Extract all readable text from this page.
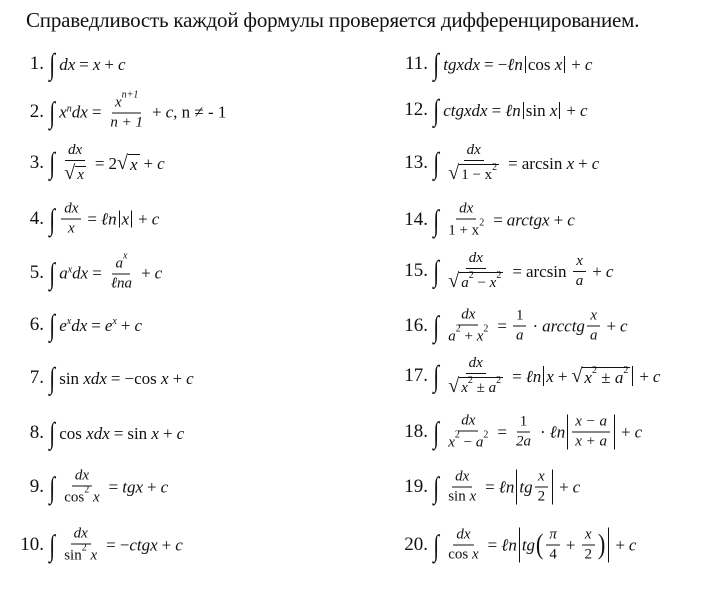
Справедливость каждой формулы проверяется дифференцированием.
1.
2.
3.
4.
5.
6.
7.
8.
9.
10.
11.
12.
13.
14.
15.
16.
17.
18.
19.
20.
∫ dx = x + c
∫ x $^n$ dx = $\frac{x^{n+1}}{n + 1} + c$ , n ≠ - 1
∫ $\frac{dx}{√ x} = 2$ √ x + c
∫ $\frac{dx}{x}$ = ℓn x + c
∫ a $^x$ dx = $\frac{a^x}{\text{ℓna}} + c$
∫ e $^x$ dx = e $^x$ + c
∫ sin
x dx = − cos
x + c
∫ cos
x dx = sin
x + c
∫ $\frac{dx}{\cos^2 x}$ = tg x + c
∫ $\frac{dx}{\sin^2 x}$ = − ctg x + c
∫ tg x dx = − ℓn cos
x + c
∫ ctg x dx = ℓn sin
x + c
∫ $\frac{dx}{√ 1 - x^2} = \arcsin$
x + c
∫ $\frac{dx}{1 + x^2}$ = arctg x + c
∫ $\frac{dx}{√ a^2 - x^2} = \arcsin$
$\frac{x}{a} + c$
∫ $\frac{dx}{a^2 + x^2} = \frac{1}{a}$ · arcctg $\frac{x}{a} + c$
∫ $\frac{dx}{√ x^2 \pm a^2}$ = ℓn x + √ $x^2 \pm a^2 + c$
∫ $\frac{dx}{x^2 - a^2} = \frac{1}{2a}$ · ℓn $\frac{x - a}{x + a} + c$
∫ $\frac{dx}{\text{sin x}}$ = ℓn tg $\frac{x}{2} + c$
∫ $\frac{dx}{\text{cos x}}$ = ℓn tg ( $\frac{\pi}{4} + \frac{x}{2}$ ) + c
